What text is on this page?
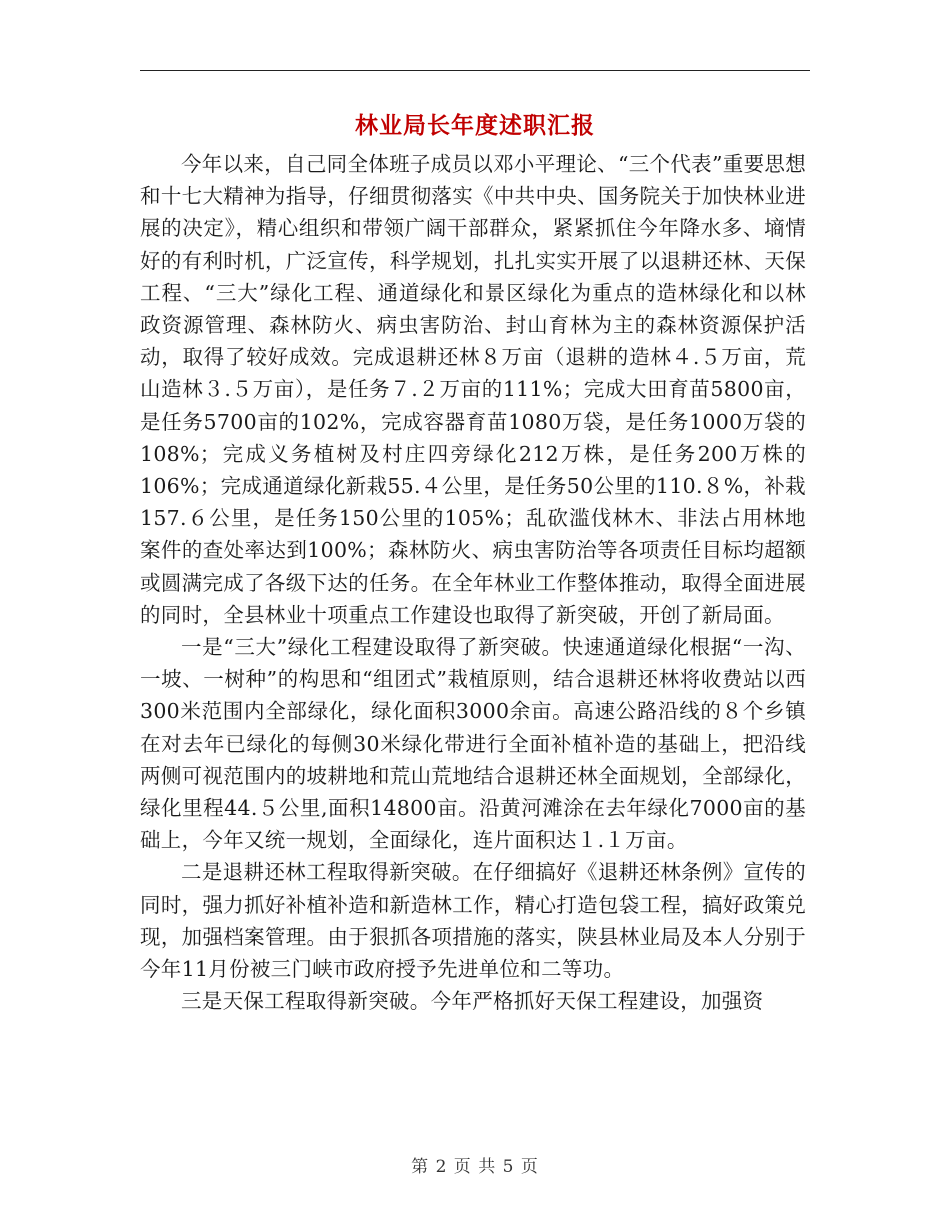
林业局长年度述职汇报

今年以来，自己同全体班子成员以邓小平理论、“三个代表”重要思想和十七大精神为指导，仔细贯彻落实《中共中央、国务院关于加快林业进展的决定》，精心组织和带领广阔干部群众，紧紧抓住今年降水多、墒情好的有利时机，广泛宣传，科学规划，扎扎实实开展了以退耕还林、天保工程、“三大”绿化工程、通道绿化和景区绿化为重点的造林绿化和以林政资源管理、森林防火、病虫害防治、封山育林为主的森林资源保护活动，取得了较好成效。完成退耕还林８万亩（退耕的造林４.５万亩，荒山造林３.５万亩），是任务７.２万亩的111%；完成大田育苗5800亩，是任务5700亩的102%，完成容器育苗1080万袋，是任务1000万袋的108%；完成义务植树及村庄四旁绿化212万株，是任务200万株的106%；完成通道绿化新栽55.４公里，是任务50公里的110.８%，补栽157.６公里，是任务150公里的105%；乱砍滥伐林木、非法占用林地案件的查处率达到100%；森林防火、病虫害防治等各项责任目标均超额或圆满完成了各级下达的任务。在全年林业工作整体推动，取得全面进展的同时，全县林业十项重点工作建设也取得了新突破，开创了新局面。

一是“三大”绿化工程建设取得了新突破。快速通道绿化根据“一沟、一坡、一树种”的构思和“组团式”栽植原则，结合退耕还林将收费站以西300米范围内全部绿化，绿化面积3000余亩。高速公路沿线的８个乡镇在对去年已绿化的每侧30米绿化带进行全面补植补造的基础上，把沿线两侧可视范围内的坡耕地和荒山荒地结合退耕还林全面规划，全部绿化，绿化里程44.５公里,面积14800亩。沿黄河滩涂在去年绿化7000亩的基础上，今年又统一规划，全面绿化，连片面积达１.１万亩。

二是退耕还林工程取得新突破。在仔细搞好《退耕还林条例》宣传的同时，强力抓好补植补造和新造林工作，精心打造包袋工程，搞好政策兑现，加强档案管理。由于狠抓各项措施的落实，陕县林业局及本人分别于今年11月份被三门峡市政府授予先进单位和二等功。

三是天保工程取得新突破。今年严格抓好天保工程建设，加强资

第 2 页 共 5 页
